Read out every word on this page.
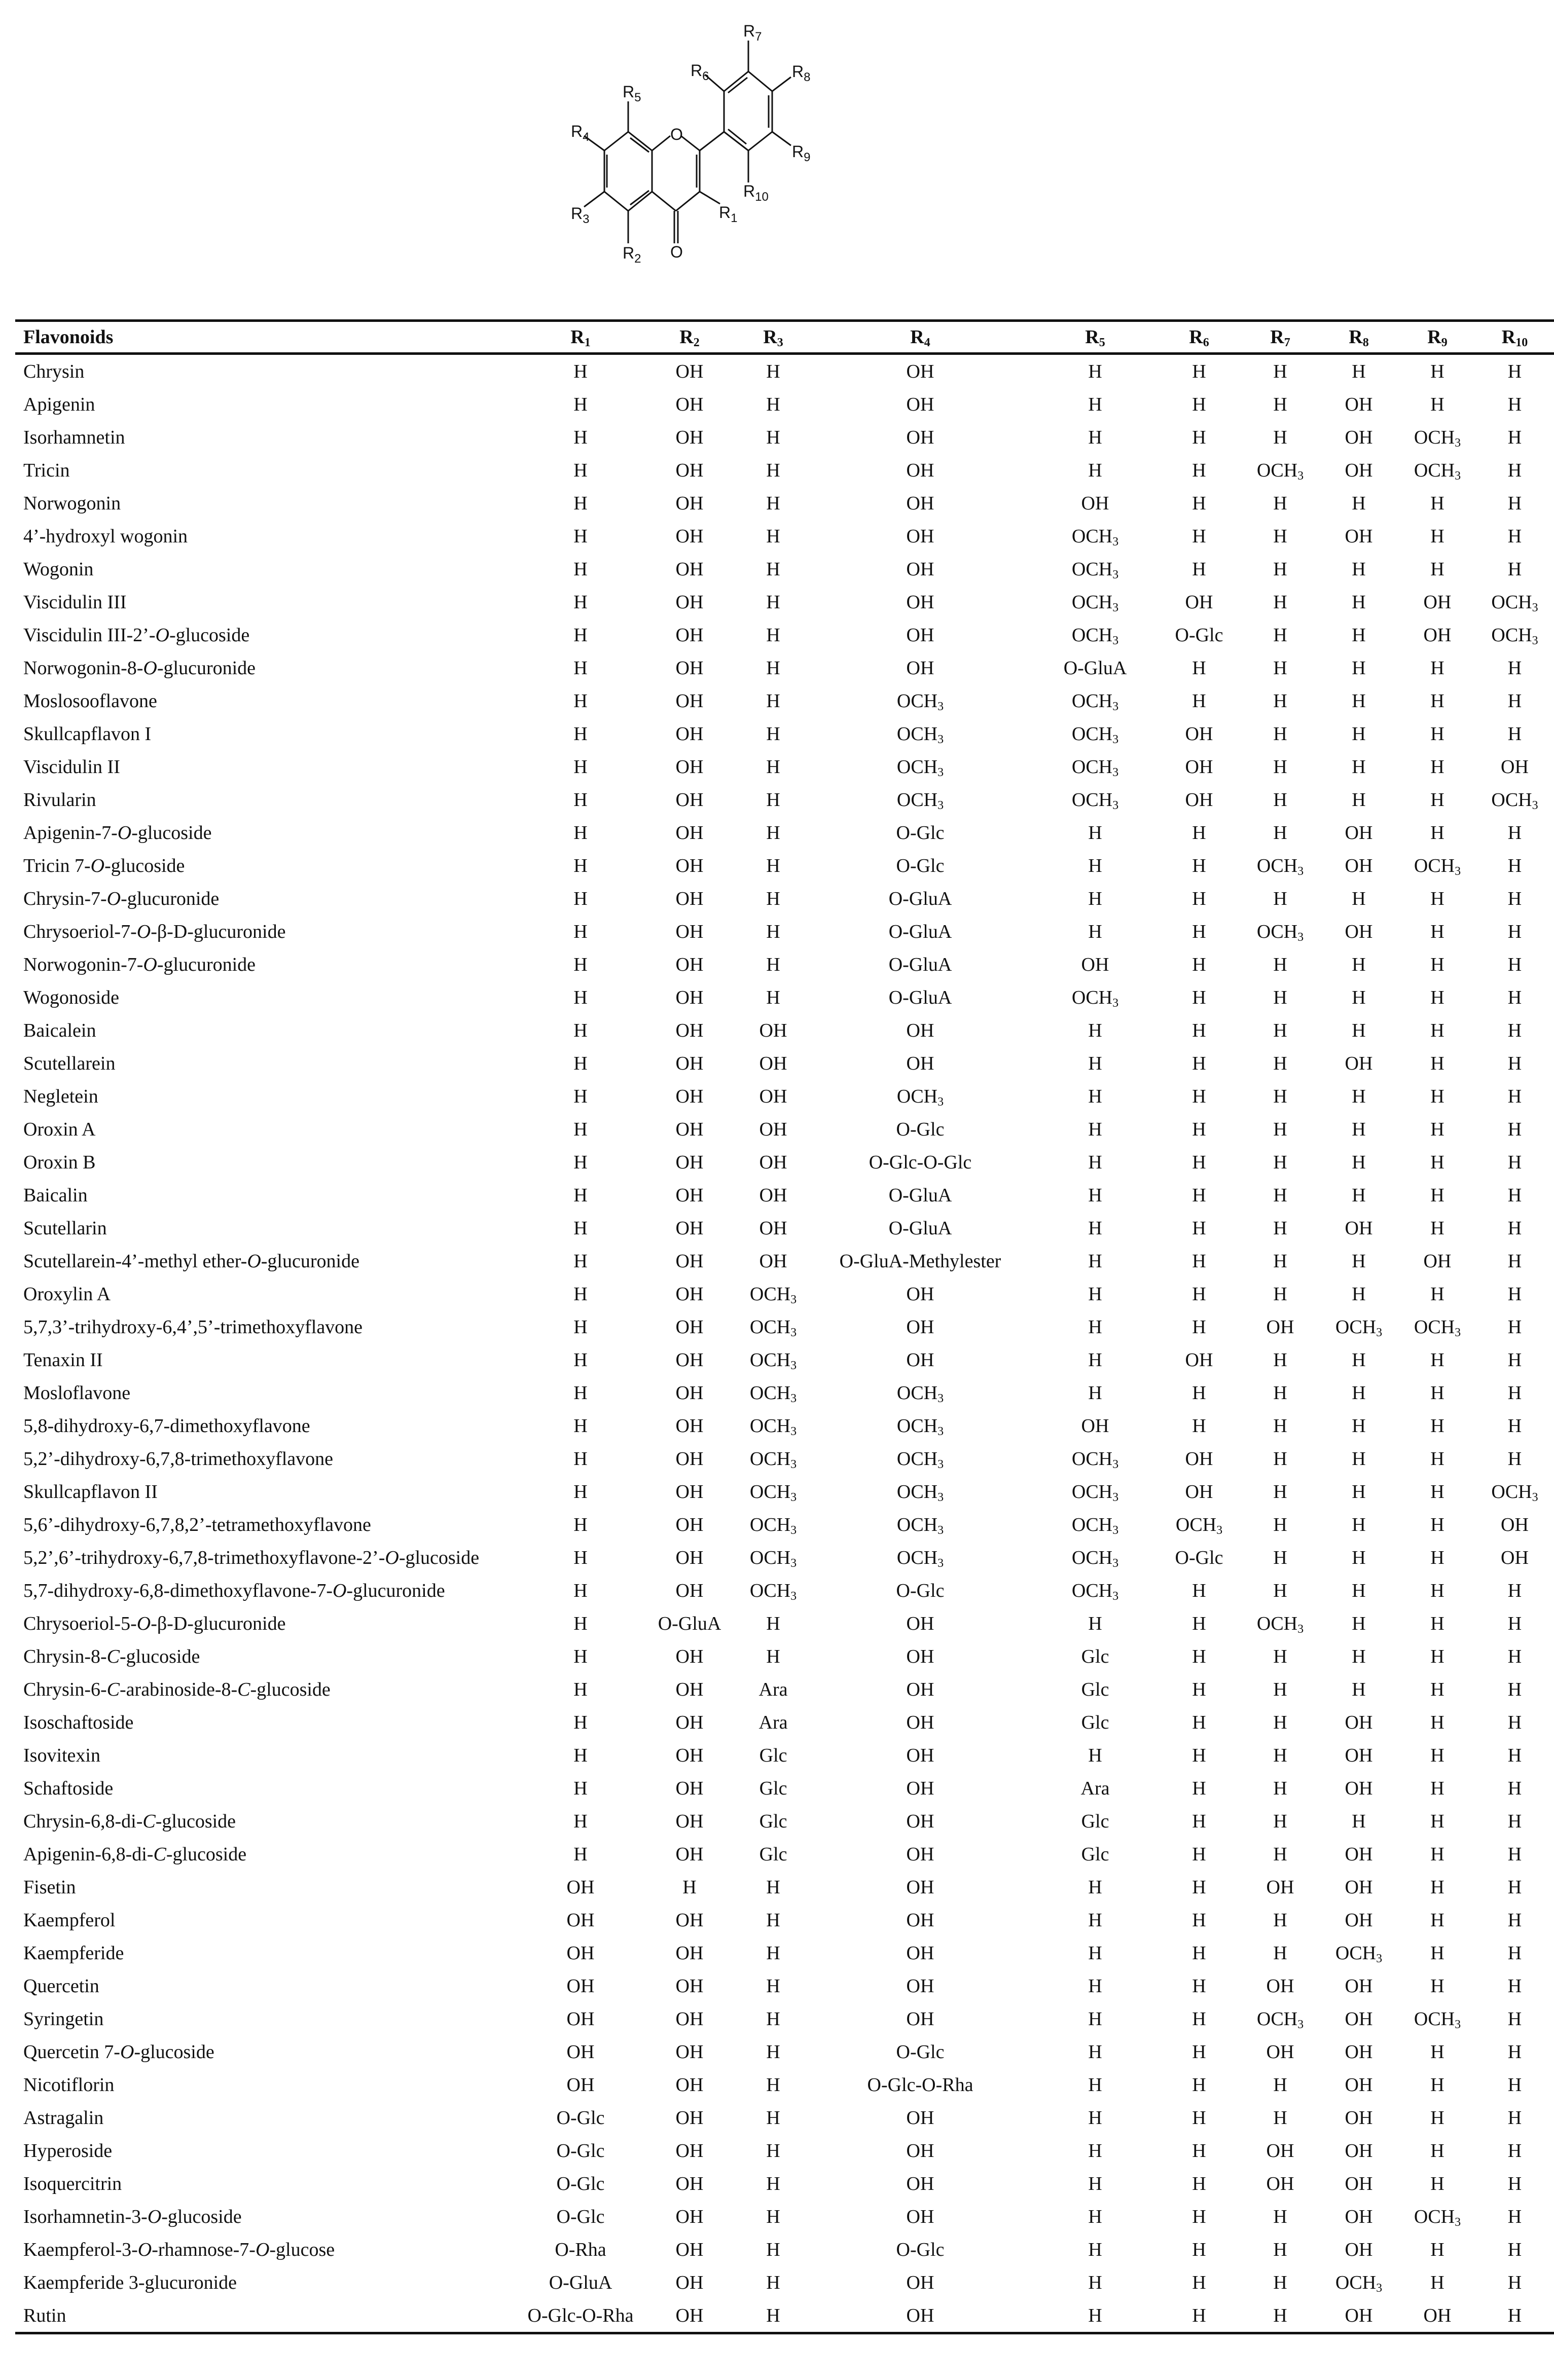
O
O
$R_1$
$R_2$
$R_3$
$R_4$
$R_5$
$R_6$
$R_7$
$R_8$
$R_9$
$R_{10}$
Flavonoids	$R_1$	$R_2$	$R_3$	$R_4$	$R_5$	$R_6$	$R_7$	$R_8$	$R_9$	$R_{10}$
Chrysin	H	OH	H	OH	H	H	H	H	H	H
Apigenin	H	OH	H	OH	H	H	H	OH	H	H
Isorhamnetin	H	OH	H	OH	H	H	H	OH	$OCH_3$	H
Tricin	H	OH	H	OH	H	H	$OCH_3$	OH	$OCH_3$	H
Norwogonin	H	OH	H	OH	OH	H	H	H	H	H
4’-hydroxyl wogonin	H	OH	H	OH	$OCH_3$	H	H	OH	H	H
Wogonin	H	OH	H	OH	$OCH_3$	H	H	H	H	H
Viscidulin III	H	OH	H	OH	$OCH_3$	OH	H	H	OH	$OCH_3$
Viscidulin III-2’-O-glucoside	H	OH	H	OH	$OCH_3$	O-Glc	H	H	OH	$OCH_3$
Norwogonin-8-O-glucuronide	H	OH	H	OH	O-GluA	H	H	H	H	H
Moslosooflavone	H	OH	H	$OCH_3$	$OCH_3$	H	H	H	H	H
Skullcapflavon I	H	OH	H	$OCH_3$	$OCH_3$	OH	H	H	H	H
Viscidulin II	H	OH	H	$OCH_3$	$OCH_3$	OH	H	H	H	OH
Rivularin	H	OH	H	$OCH_3$	$OCH_3$	OH	H	H	H	$OCH_3$
Apigenin-7-O-glucoside	H	OH	H	O-Glc	H	H	H	OH	H	H
Tricin 7-O-glucoside	H	OH	H	O-Glc	H	H	$OCH_3$	OH	$OCH_3$	H
Chrysin-7-O-glucuronide	H	OH	H	O-GluA	H	H	H	H	H	H
Chrysoeriol-7-O-β-D-glucuronide	H	OH	H	O-GluA	H	H	$OCH_3$	OH	H	H
Norwogonin-7-O-glucuronide	H	OH	H	O-GluA	OH	H	H	H	H	H
Wogonoside	H	OH	H	O-GluA	$OCH_3$	H	H	H	H	H
Baicalein	H	OH	OH	OH	H	H	H	H	H	H
Scutellarein	H	OH	OH	OH	H	H	H	OH	H	H
Negletein	H	OH	OH	$OCH_3$	H	H	H	H	H	H
Oroxin A	H	OH	OH	O-Glc	H	H	H	H	H	H
Oroxin B	H	OH	OH	O-Glc-O-Glc	H	H	H	H	H	H
Baicalin	H	OH	OH	O-GluA	H	H	H	H	H	H
Scutellarin	H	OH	OH	O-GluA	H	H	H	OH	H	H
Scutellarein-4’-methyl ether-O-glucuronide	H	OH	OH	O-GluA-Methylester	H	H	H	H	OH	H
Oroxylin A	H	OH	$OCH_3$	OH	H	H	H	H	H	H
5,7,3’-trihydroxy-6,4’,5’-trimethoxyflavone	H	OH	$OCH_3$	OH	H	H	OH	$OCH_3$	$OCH_3$	H
Tenaxin II	H	OH	$OCH_3$	OH	H	OH	H	H	H	H
Mosloflavone	H	OH	$OCH_3$	$OCH_3$	H	H	H	H	H	H
5,8-dihydroxy-6,7-dimethoxyflavone	H	OH	$OCH_3$	$OCH_3$	OH	H	H	H	H	H
5,2’-dihydroxy-6,7,8-trimethoxyflavone	H	OH	$OCH_3$	$OCH_3$	$OCH_3$	OH	H	H	H	H
Skullcapflavon II	H	OH	$OCH_3$	$OCH_3$	$OCH_3$	OH	H	H	H	$OCH_3$
5,6’-dihydroxy-6,7,8,2’-tetramethoxyflavone	H	OH	$OCH_3$	$OCH_3$	$OCH_3$	$OCH_3$	H	H	H	OH
5,2’,6’-trihydroxy-6,7,8-trimethoxyflavone-2’-O-glucoside	H	OH	$OCH_3$	$OCH_3$	$OCH_3$	O-Glc	H	H	H	OH
5,7-dihydroxy-6,8-dimethoxyflavone-7-O-glucuronide	H	OH	$OCH_3$	O-Glc	$OCH_3$	H	H	H	H	H
Chrysoeriol-5-O-β-D-glucuronide	H	O-GluA	H	OH	H	H	$OCH_3$	H	H	H
Chrysin-8-C-glucoside	H	OH	H	OH	Glc	H	H	H	H	H
Chrysin-6-C-arabinoside-8-C-glucoside	H	OH	Ara	OH	Glc	H	H	H	H	H
Isoschaftoside	H	OH	Ara	OH	Glc	H	H	OH	H	H
Isovitexin	H	OH	Glc	OH	H	H	H	OH	H	H
Schaftoside	H	OH	Glc	OH	Ara	H	H	OH	H	H
Chrysin-6,8-di-C-glucoside	H	OH	Glc	OH	Glc	H	H	H	H	H
Apigenin-6,8-di-C-glucoside	H	OH	Glc	OH	Glc	H	H	OH	H	H
Fisetin	OH	H	H	OH	H	H	OH	OH	H	H
Kaempferol	OH	OH	H	OH	H	H	H	OH	H	H
Kaempferide	OH	OH	H	OH	H	H	H	$OCH_3$	H	H
Quercetin	OH	OH	H	OH	H	H	OH	OH	H	H
Syringetin	OH	OH	H	OH	H	H	$OCH_3$	OH	$OCH_3$	H
Quercetin 7-O-glucoside	OH	OH	H	O-Glc	H	H	OH	OH	H	H
Nicotiflorin	OH	OH	H	O-Glc-O-Rha	H	H	H	OH	H	H
Astragalin	O-Glc	OH	H	OH	H	H	H	OH	H	H
Hyperoside	O-Glc	OH	H	OH	H	H	OH	OH	H	H
Isoquercitrin	O-Glc	OH	H	OH	H	H	OH	OH	H	H
Isorhamnetin-3-O-glucoside	O-Glc	OH	H	OH	H	H	H	OH	$OCH_3$	H
Kaempferol-3-O-rhamnose-7-O-glucose	O-Rha	OH	H	O-Glc	H	H	H	OH	H	H
Kaempferide 3-glucuronide	O-GluA	OH	H	OH	H	H	H	$OCH_3$	H	H
Rutin	O-Glc-O-Rha	OH	H	OH	H	H	H	OH	OH	H
